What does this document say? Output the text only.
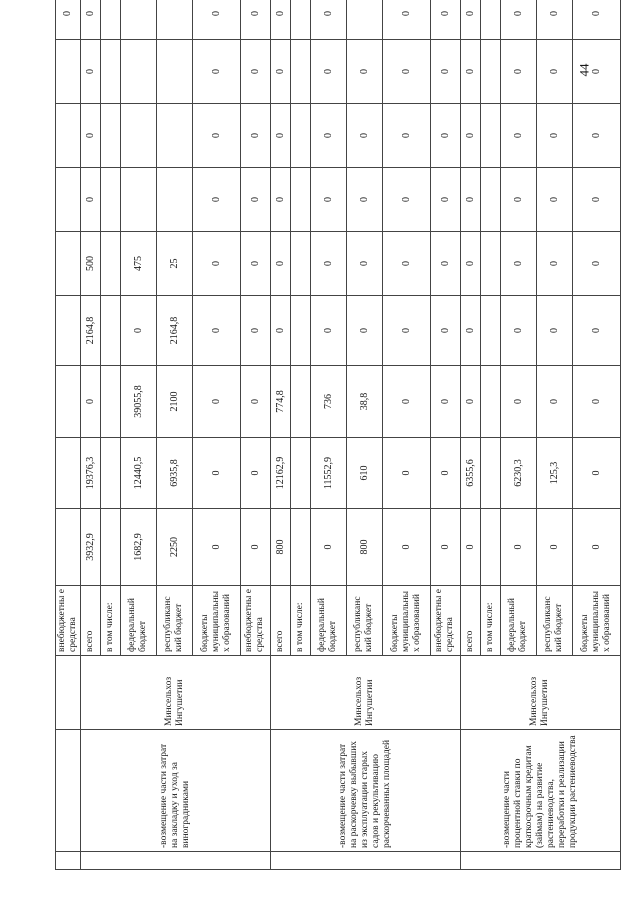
44
			внебюджетны е средства									0
	-возмещение части затрат на закладку и уход за виноградниками	Минсельхоз Ингушетии	всего	3932,9	19376,3	0	2164,8	500	0	0	0	0
			в том числе:									
			федеральный бюджет	1682,9	12440,5	39055,8	0	475				
			республиканс кий бюджет	2250	6935,8	2100	2164,8	25				
			бюджеты муниципальны х образований	0	0	0	0	0	0	0	0	0
			внебюджетны е средства	0	0	0	0	0	0	0	0	0
	-возмещение части затрат на раскорчевку выбывших из эксплуатации старых садов и рекультивацию раскорчеванных площадей	Минсельхоз Ингушетии	всего	800	12162,9	774,8	0	0	0	0	0	0
			в том числе:									
			федеральный бюджет	0	11552,9	736	0	0	0	0	0	0
			республиканс кий бюджет	800	610	38,8	0	0	0	0	0	
			бюджеты муниципальны х образований	0	0	0	0	0	0	0	0	0
			внебюджетны е средства	0	0	0	0	0	0	0	0	0
	-возмещение части процентной ставки по краткосрочным кредитам (займам) на развитие растениеводства, переработки и реализации продукции растениеводства	Минсельхоз Ингушетии	всего	0	6355,6	0	0	0	0	0	0	0
			в том числе:									
			федеральный бюджет	0	6230,3	0	0	0	0	0	0	0
			республиканс кий бюджет	0	125,3	0	0	0	0	0	0	0
			бюджеты муниципальны х образований	0	0	0	0	0	0	0	0	0
